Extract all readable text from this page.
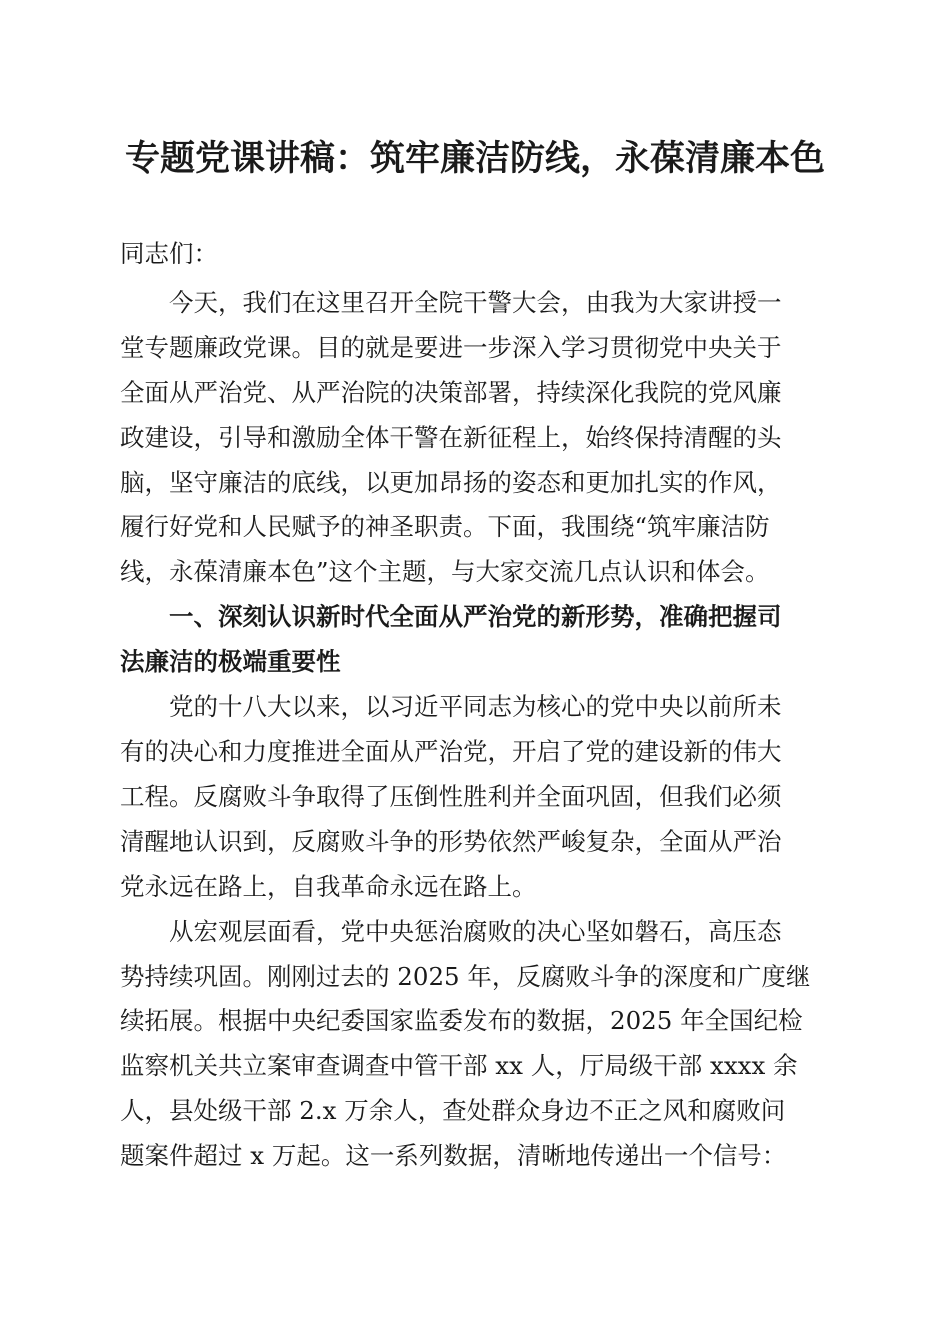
专题党课讲稿：筑牢廉洁防线，永葆清廉本色

同志们：

今天，我们在这里召开全院干警大会，由我为大家讲授一
堂专题廉政党课。目的就是要进一步深入学习贯彻党中央关于
全面从严治党、从严治院的决策部署，持续深化我院的党风廉
政建设，引导和激励全体干警在新征程上，始终保持清醒的头
脑，坚守廉洁的底线，以更加昂扬的姿态和更加扎实的作风，
履行好党和人民赋予的神圣职责。下面，我围绕“筑牢廉洁防
线，永葆清廉本色”这个主题，与大家交流几点认识和体会。

一、深刻认识新时代全面从严治党的新形势，准确把握司
法廉洁的极端重要性

党的十八大以来，以习近平同志为核心的党中央以前所未
有的决心和力度推进全面从严治党，开启了党的建设新的伟大
工程。反腐败斗争取得了压倒性胜利并全面巩固，但我们必须
清醒地认识到，反腐败斗争的形势依然严峻复杂，全面从严治
党永远在路上，自我革命永远在路上。

从宏观层面看，党中央惩治腐败的决心坚如磐石，高压态
势持续巩固。刚刚过去的 2025 年，反腐败斗争的深度和广度继
续拓展。根据中央纪委国家监委发布的数据，2025 年全国纪检
监察机关共立案审查调查中管干部 xx 人，厅局级干部 xxxx 余
人，县处级干部 2.x 万余人，查处群众身边不正之风和腐败问
题案件超过 x 万起。这一系列数据，清晰地传递出一个信号：
